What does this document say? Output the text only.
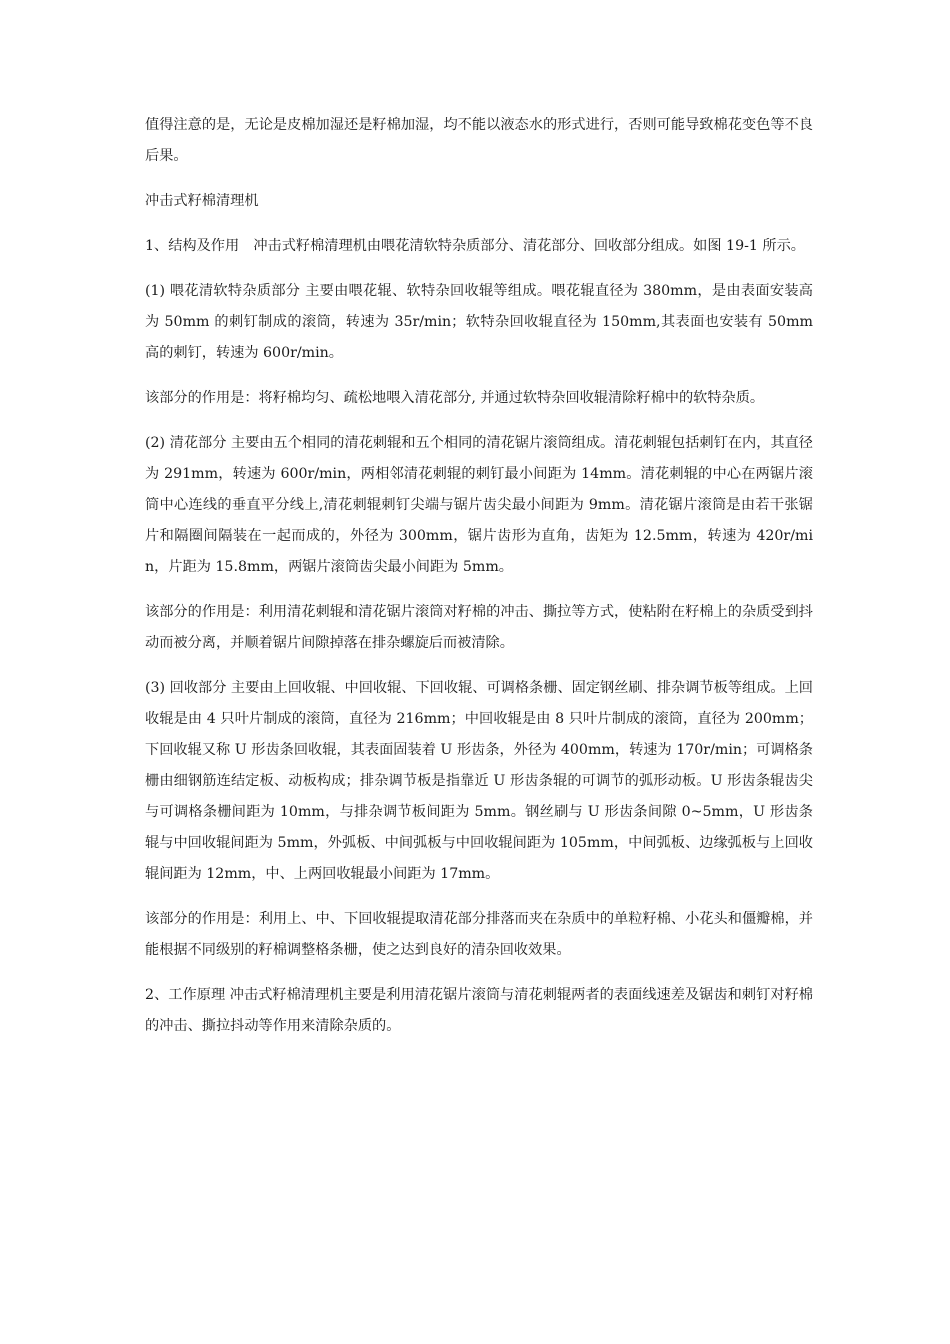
值得注意的是，无论是皮棉加湿还是籽棉加湿，均不能以液态水的形式进行，否则可能导致棉花变色等不良后果。

冲击式籽棉清理机

1、结构及作用　冲击式籽棉清理机由喂花清软特杂质部分、清花部分、回收部分组成。如图 19-1 所示。

(1) 喂花清软特杂质部分 主要由喂花辊、软特杂回收辊等组成。喂花辊直径为 380mm，是由表面安装高为 50mm 的刺钉制成的滚筒，转速为 35r/min；软特杂回收辊直径为 150mm,其表面也安装有 50mm 高的刺钉，转速为 600r/min。

该部分的作用是：将籽棉均匀、疏松地喂入清花部分, 并通过软特杂回收辊清除籽棉中的软特杂质。

(2) 清花部分 主要由五个相同的清花刺辊和五个相同的清花锯片滚筒组成。清花刺辊包括刺钉在内，其直径为 291mm，转速为 600r/min，两相邻清花刺辊的刺钉最小间距为 14mm。清花刺辊的中心在两锯片滚筒中心连线的垂直平分线上,清花刺辊刺钉尖端与锯片齿尖最小间距为 9mm。清花锯片滚筒是由若干张锯片和隔圈间隔装在一起而成的，外径为 300mm，锯片齿形为直角，齿矩为 12.5mm，转速为 420r/min，片距为 15.8mm，两锯片滚筒齿尖最小间距为 5mm。

该部分的作用是：利用清花刺辊和清花锯片滚筒对籽棉的冲击、撕拉等方式，使粘附在籽棉上的杂质受到抖动而被分离，并顺着锯片间隙掉落在排杂螺旋后而被清除。

(3) 回收部分 主要由上回收辊、中回收辊、下回收辊、可调格条栅、固定钢丝刷、排杂调节板等组成。上回收辊是由 4 只叶片制成的滚筒，直径为 216mm；中回收辊是由 8 只叶片制成的滚筒，直径为 200mm；下回收辊又称 U 形齿条回收辊，其表面固装着 U 形齿条，外径为 400mm，转速为 170r/min；可调格条栅由细钢筋连结定板、动板构成；排杂调节板是指靠近 U 形齿条辊的可调节的弧形动板。U 形齿条辊齿尖与可调格条栅间距为 10mm，与排杂调节板间距为 5mm。钢丝刷与 U 形齿条间隙 0~5mm，U 形齿条辊与中回收辊间距为 5mm，外弧板、中间弧板与中回收辊间距为 105mm，中间弧板、边缘弧板与上回收辊间距为 12mm，中、上两回收辊最小间距为 17mm。

该部分的作用是：利用上、中、下回收辊提取清花部分排落而夹在杂质中的单粒籽棉、小花头和僵瓣棉，并能根据不同级别的籽棉调整格条栅，使之达到良好的清杂回收效果。

2、工作原理 冲击式籽棉清理机主要是利用清花锯片滚筒与清花刺辊两者的表面线速差及锯齿和刺钉对籽棉的冲击、撕拉抖动等作用来清除杂质的。
